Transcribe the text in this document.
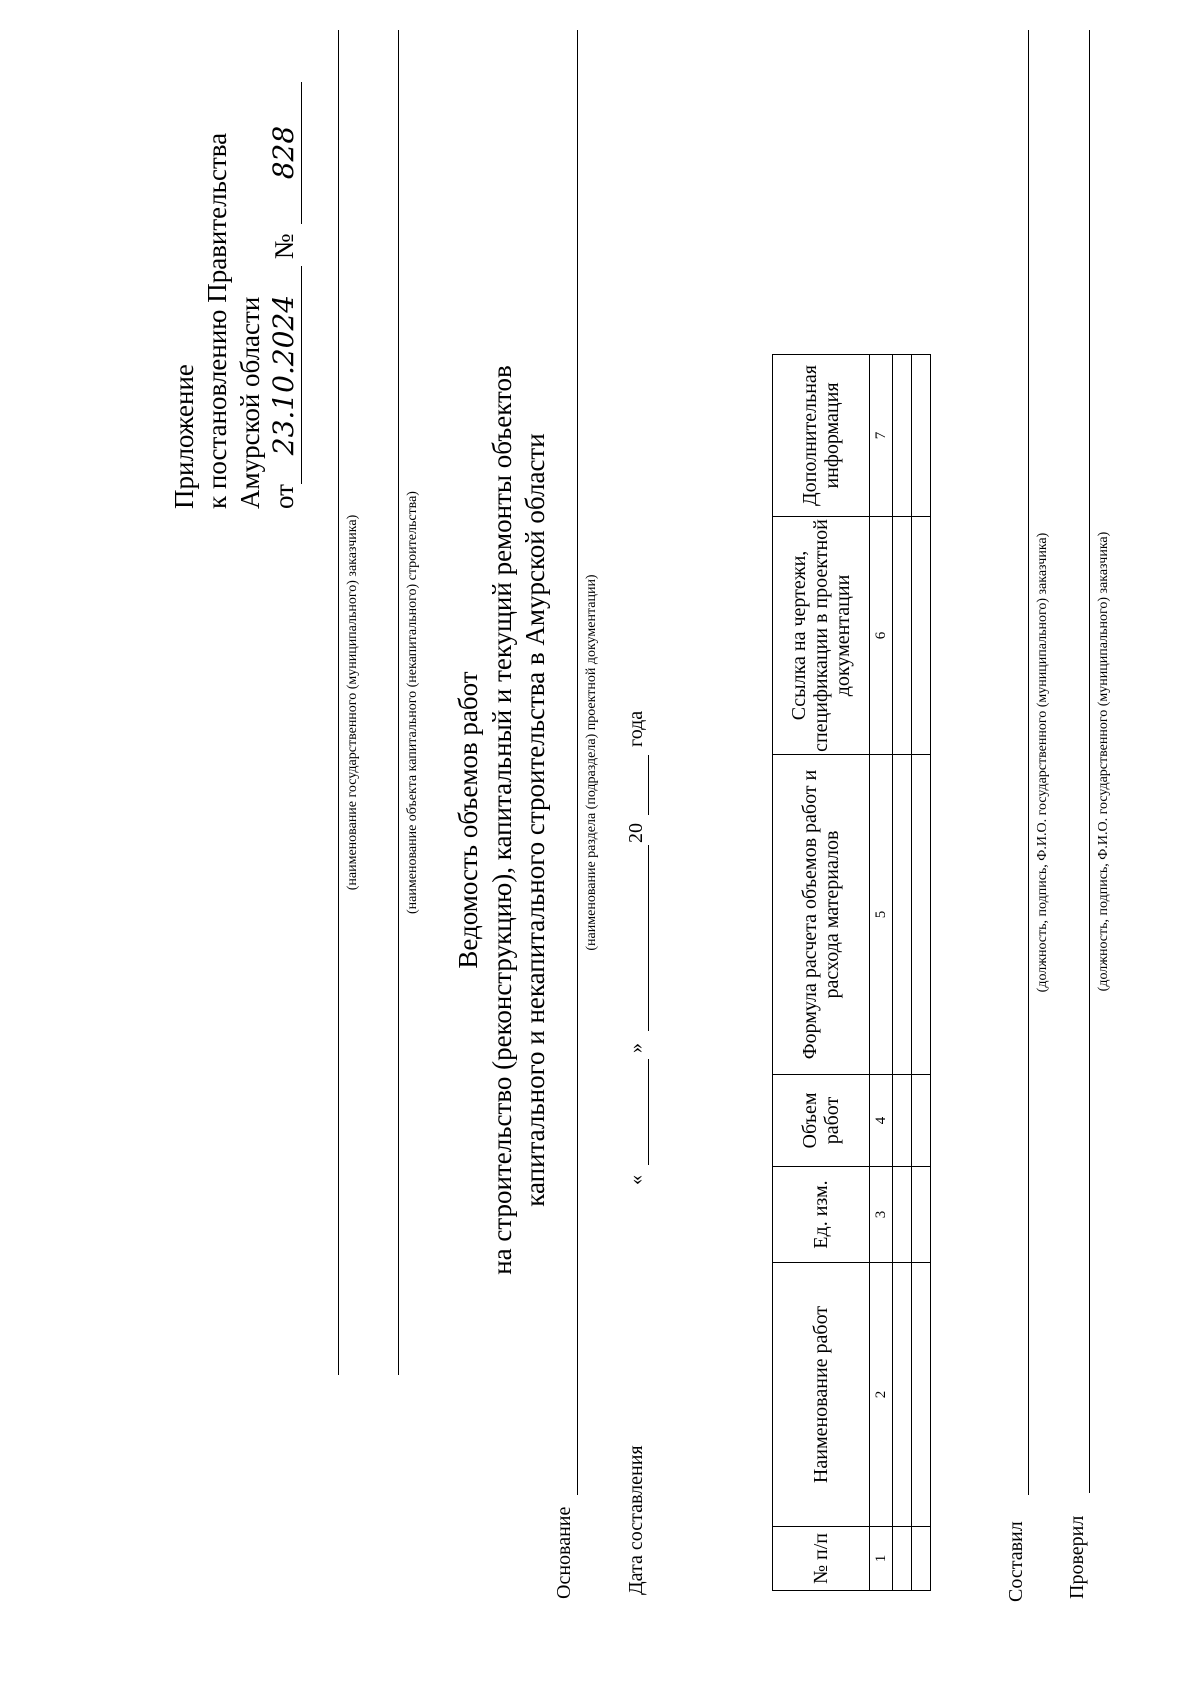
Приложение к постановлению Правительства Амурской области от23.10.2024 №828
(наименование государственного (муниципального) заказчика)	(наименование объекта капитального (некапитального) строительства) Ведомость объемов работ на строительство (реконструкцию), капитальный и текущий ремонты объектов капитального и некапитального строительства в Амурской области
Основание
(наименование раздела (подраздела) проектной документации)
Дата составления
«
»
20
года
№ п/п	Наименование работ	Ед. изм.	Объем работ	Формула расчета объемов работ и расхода материалов	Ссылка на чертежи, спецификации в проектной документации	Дополнительная информация
1	2	3	4	5	6	7

Составил
(должность, подпись, Ф.И.О. государственного (муниципального) заказчика)
Проверил
(должность, подпись, Ф.И.О. государственного (муниципального) заказчика)
